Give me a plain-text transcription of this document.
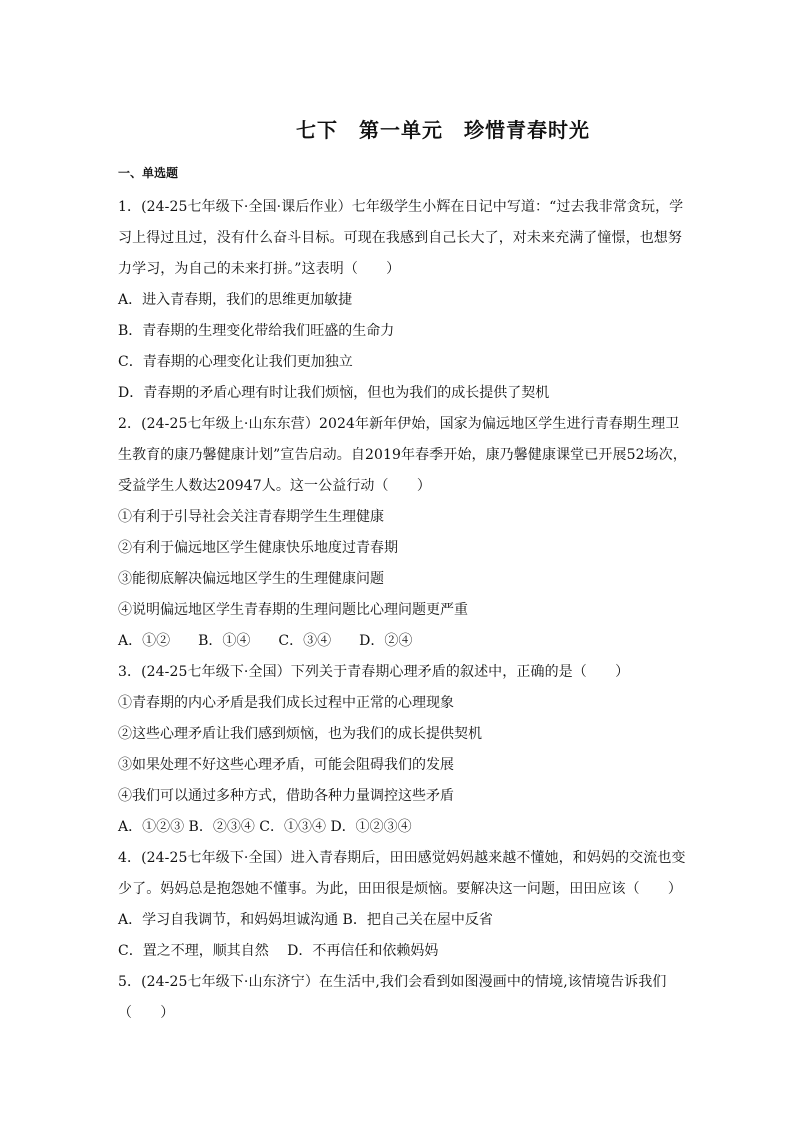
七下　第一单元　珍惜青春时光
一、单选题
1．(24-25七年级下·全国·课后作业）七年级学生小辉在日记中写道：“过去我非常贪玩，学
习上得过且过，没有什么奋斗目标。可现在我感到自己长大了，对未来充满了憧憬，也想努
力学习，为自己的未来打拼。”这表明（　　）
A．进入青春期，我们的思维更加敏捷
B．青春期的生理变化带给我们旺盛的生命力
C．青春期的心理变化让我们更加独立
D．青春期的矛盾心理有时让我们烦恼，但也为我们的成长提供了契机
2．(24-25七年级上·山东东营）2024年新年伊始，国家为偏远地区学生进行青春期生理卫
生教育的康乃馨健康计划”宣告启动。自2019年春季开始，康乃馨健康课堂已开展52场次，
受益学生人数达20947人。这一公益行动（　　）
①有利于引导社会关注青春期学生生理健康
②有利于偏远地区学生健康快乐地度过青春期
③能彻底解决偏远地区学生的生理健康问题
④说明偏远地区学生青春期的生理问题比心理问题更严重
A．①②　　B．①④　　C．③④　　D．②④
3．(24-25七年级下·全国）下列关于青春期心理矛盾的叙述中，正确的是（　　）
①青春期的内心矛盾是我们成长过程中正常的心理现象
②这些心理矛盾让我们感到烦恼，也为我们的成长提供契机
③如果处理不好这些心理矛盾，可能会阻碍我们的发展
④我们可以通过多种方式，借助各种力量调控这些矛盾
A．①②③ B．②③④ C．①③④ D．①②③④
4．(24-25七年级下·全国）进入青春期后，田田感觉妈妈越来越不懂她，和妈妈的交流也变
少了。妈妈总是抱怨她不懂事。为此，田田很是烦恼。要解决这一问题，田田应该（　　）
A．学习自我调节，和妈妈坦诚沟通 B．把自己关在屋中反省
C．置之不理，顺其自然　 D．不再信任和依赖妈妈
5．(24-25七年级下·山东济宁）在生活中,我们会看到如图漫画中的情境,该情境告诉我们
（　　）
